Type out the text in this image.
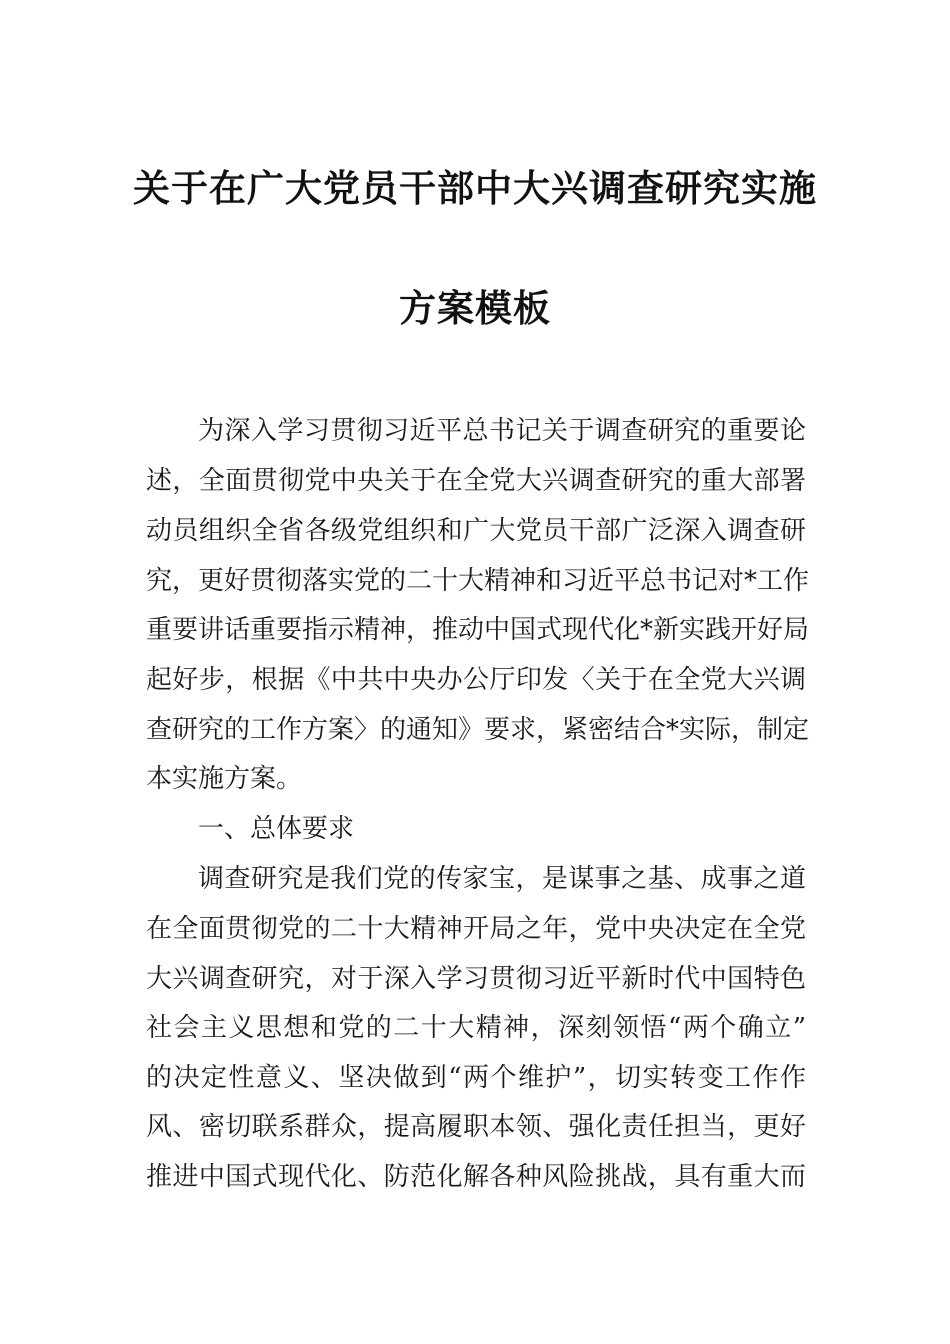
关于在广大党员干部中大兴调查研究实施
方案模板
为深入学习贯彻习近平总书记关于调查研究的重要论
述，全面贯彻党中央关于在全党大兴调查研究的重大部署
动员组织全省各级党组织和广大党员干部广泛深入调查研
究，更好贯彻落实党的二十大精神和习近平总书记对*工作
重要讲话重要指示精神，推动中国式现代化*新实践开好局
起好步，根据《中共中央办公厅印发〈关于在全党大兴调
查研究的工作方案〉的通知》要求，紧密结合*实际，制定
本实施方案。
一、总体要求
调查研究是我们党的传家宝，是谋事之基、成事之道
在全面贯彻党的二十大精神开局之年，党中央决定在全党
大兴调查研究，对于深入学习贯彻习近平新时代中国特色
社会主义思想和党的二十大精神，深刻领悟“两个确立”
的决定性意义、坚决做到“两个维护”，切实转变工作作
风、密切联系群众，提高履职本领、强化责任担当，更好
推进中国式现代化、防范化解各种风险挑战，具有重大而
